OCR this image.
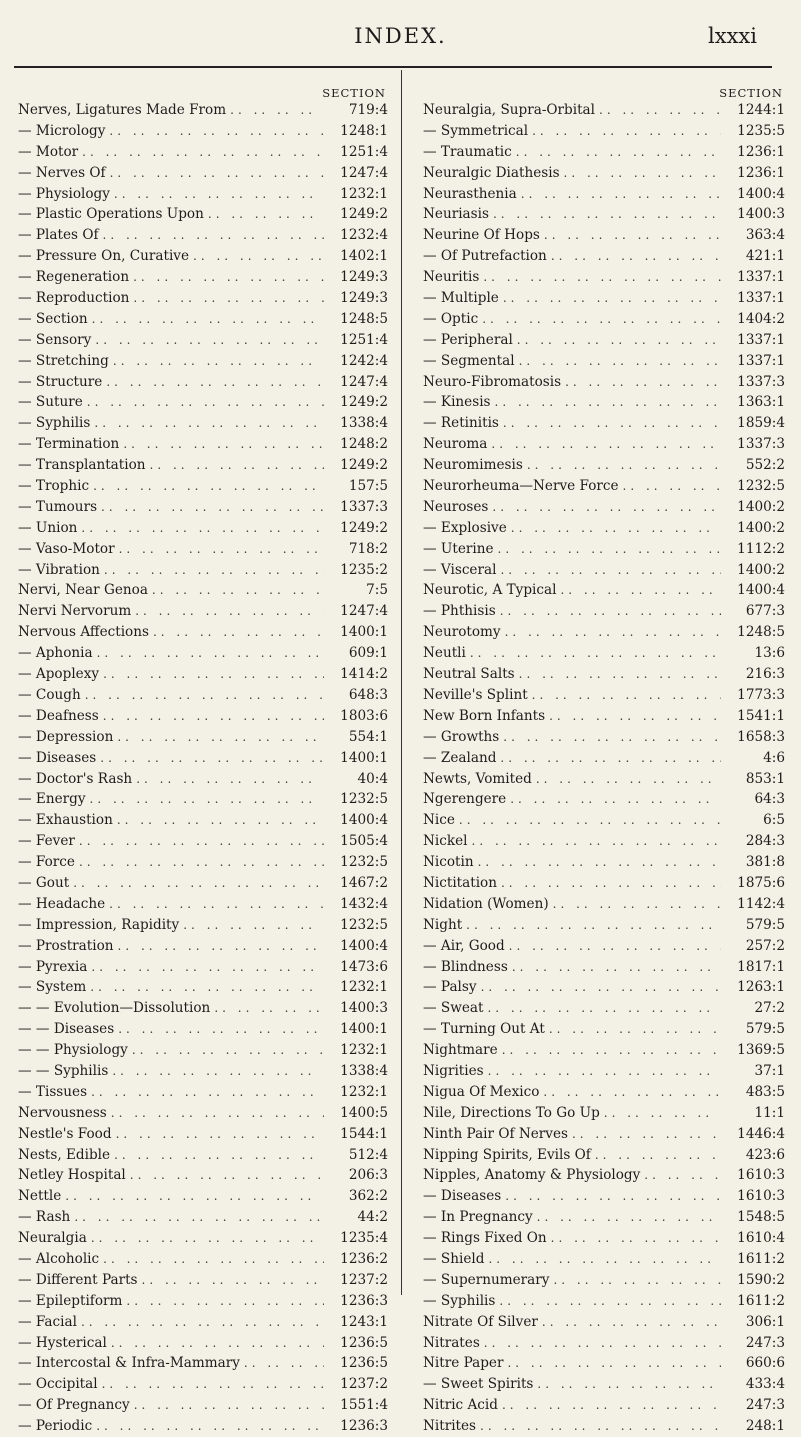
INDEX.	lxxxi
SECTION
Nerves, Ligatures Made From .. ..	719:4
— Micrology .. ..	1248:1
— Motor .. ..	1251:4
— Nerves Of .. ..	1247:4
— Physiology .. ..	1232:1
— Plastic Operations Upon .. ..	1249:2
— Plates Of .. ..	1232:4
— Pressure On, Curative .. ..	1402:1
— Regeneration .. ..	1249:3
— Reproduction .. ..	1249:3
— Section .. ..	1248:5
— Sensory .. ..	1251:4
— Stretching .. ..	1242:4
— Structure .. ..	1247:4
— Suture .. ..	1249:2
— Syphilis .. ..	1338:4
— Termination .. ..	1248:2
— Transplantation .. ..	1249:2
— Trophic .. ..	157:5
— Tumours .. ..	1337:3
— Union .. ..	1249:2
— Vaso-Motor .. ..	718:2
— Vibration .. ..	1235:2
Nervi, Near Genoa .. ..	7:5
Nervi Nervorum .. ..	1247:4
Nervous Affections .. ..	1400:1
— Aphonia .. ..	609:1
— Apoplexy .. ..	1414:2
— Cough .. ..	648:3
— Deafness .. ..	1803:6
— Depression .. ..	554:1
— Diseases .. ..	1400:1
— Doctor's Rash .. ..	40:4
— Energy .. ..	1232:5
— Exhaustion .. ..	1400:4
— Fever .. ..	1505:4
— Force .. ..	1232:5
— Gout .. ..	1467:2
— Headache .. ..	1432:4
— Impression, Rapidity .. ..	1232:5
— Prostration .. ..	1400:4
— Pyrexia .. ..	1473:6
— System .. ..	1232:1
— — Evolution—Dissolution .. ..	1400:3
— — Diseases .. ..	1400:1
— — Physiology .. ..	1232:1
— — Syphilis .. ..	1338:4
— Tissues .. ..	1232:1
Nervousness .. ..	1400:5
Nestle's Food .. ..	1544:1
Nests, Edible .. ..	512:4
Netley Hospital .. ..	206:3
Nettle .. ..	362:2
— Rash .. ..	44:2
Neuralgia .. ..	1235:4
— Alcoholic .. ..	1236:2
— Different Parts .. ..	1237:2
— Epileptiform .. ..	1236:3
— Facial .. ..	1243:1
— Hysterical .. ..	1236:5
— Intercostal & Infra-Mammary .. ..	1236:5
— Occipital .. ..	1237:2
— Of Pregnancy .. ..	1551:4
— Periodic .. ..	1236:3
SECTION
Neuralgia, Supra-Orbital .. ..	1244:1
— Symmetrical .. ..	1235:5
— Traumatic .. ..	1236:1
Neuralgic Diathesis .. ..	1236:1
Neurasthenia .. ..	1400:4
Neuriasis .. ..	1400:3
Neurine Of Hops .. ..	363:4
— Of Putrefaction .. ..	421:1
Neuritis .. ..	1337:1
— Multiple .. ..	1337:1
— Optic .. ..	1404:2
— Peripheral .. ..	1337:1
— Segmental .. ..	1337:1
Neuro-Fibromatosis .. ..	1337:3
— Kinesis .. ..	1363:1
— Retinitis .. ..	1859:4
Neuroma .. ..	1337:3
Neuromimesis .. ..	552:2
Neurorheuma—Nerve Force .. ..	1232:5
Neuroses .. ..	1400:2
— Explosive .. ..	1400:2
— Uterine .. ..	1112:2
— Visceral .. ..	1400:2
Neurotic, A Typical .. ..	1400:4
— Phthisis .. ..	677:3
Neurotomy .. ..	1248:5
Neutli .. ..	13:6
Neutral Salts .. ..	216:3
Neville's Splint .. ..	1773:3
New Born Infants .. ..	1541:1
— Growths .. ..	1658:3
— Zealand .. ..	4:6
Newts, Vomited .. ..	853:1
Ngerengere .. ..	64:3
Nice .. ..	6:5
Nickel .. ..	284:3
Nicotin .. ..	381:8
Nictitation .. ..	1875:6
Nidation (Women) .. ..	1142:4
Night .. ..	579:5
— Air, Good .. ..	257:2
— Blindness .. ..	1817:1
— Palsy .. ..	1263:1
— Sweat .. ..	27:2
— Turning Out At .. ..	579:5
Nightmare .. ..	1369:5
Nigrities .. ..	37:1
Nigua Of Mexico .. ..	483:5
Nile, Directions To Go Up .. ..	11:1
Ninth Pair Of Nerves .. ..	1446:4
Nipping Spirits, Evils Of .. ..	423:6
Nipples, Anatomy & Physiology .. ..	1610:3
— Diseases .. ..	1610:3
— In Pregnancy .. ..	1548:5
— Rings Fixed On .. ..	1610:4
— Shield .. ..	1611:2
— Supernumerary .. ..	1590:2
— Syphilis .. ..	1611:2
Nitrate Of Silver .. ..	306:1
Nitrates .. ..	247:3
Nitre Paper .. ..	660:6
— Sweet Spirits .. ..	433:4
Nitric Acid .. ..	247:3
Nitrites .. ..	248:1
